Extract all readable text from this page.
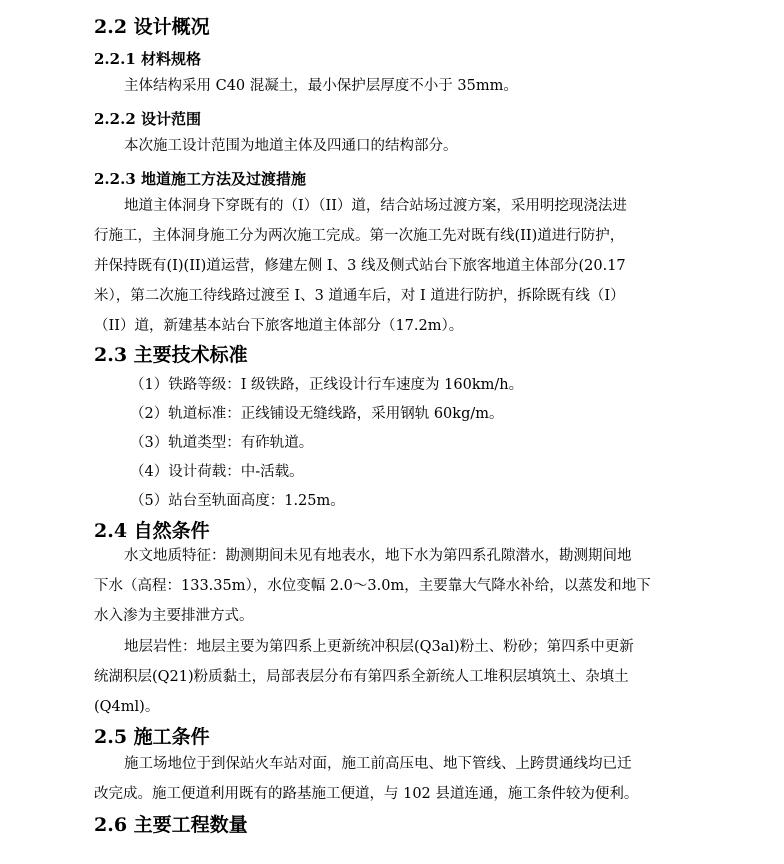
2.2 设计概况
2.2.1 材料规格
主体结构采用 C40 混凝土，最小保护层厚度不小于 35mm。
2.2.2 设计范围
本次施工设计范围为地道主体及四通口的结构部分。
2.2.3 地道施工方法及过渡措施
地道主体洞身下穿既有的（I）（II）道，结合站场过渡方案，采用明挖现浇法进
行施工，主体洞身施工分为两次施工完成。第一次施工先对既有线(II)道进行防护，
并保持既有(I)(II)道运营，修建左侧 I、3 线及侧式站台下旅客地道主体部分(20.17
米），第二次施工待线路过渡至 I、3 道通车后，对 I 道进行防护，拆除既有线（I）
（II）道，新建基本站台下旅客地道主体部分（17.2m）。
2.3 主要技术标准
（1）铁路等级：I 级铁路，正线设计行车速度为 160km/h。
（2）轨道标准：正线铺设无缝线路，采用钢轨 60kg/m。
（3）轨道类型：有砟轨道。
（4）设计荷载：中-活载。
（5）站台至轨面高度：1.25m。
2.4 自然条件
水文地质特征：勘测期间未见有地表水，地下水为第四系孔隙潜水，勘测期间地
下水（高程：133.35m），水位变幅 2.0～3.0m，主要靠大气降水补给，以蒸发和地下
水入渗为主要排泄方式。
地层岩性：地层主要为第四系上更新统冲积层(Q3al)粉土、粉砂；第四系中更新
统湖积层(Q21)粉质黏土，局部表层分布有第四系全新统人工堆积层填筑土、杂填土
(Q4ml)。
2.5 施工条件
施工场地位于到保站火车站对面，施工前高压电、地下管线、上跨贯通线均已迁
改完成。施工便道利用既有的路基施工便道，与 102 县道连通，施工条件较为便利。
2.6 主要工程数量
